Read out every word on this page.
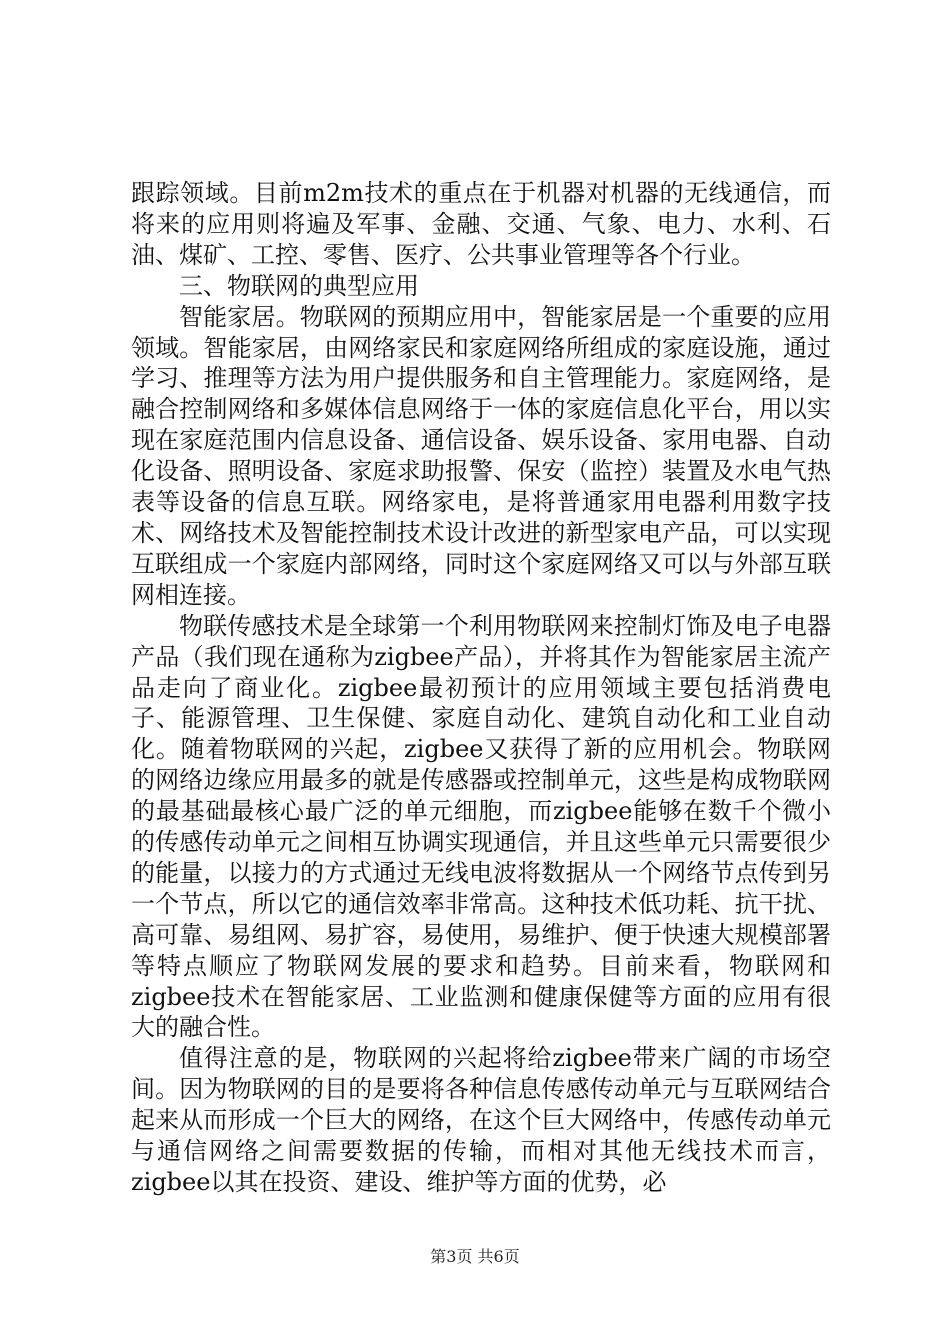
跟踪领域。目前m2m技术的重点在于机器对机器的无线通信，而将来的应用则将遍及军事、金融、交通、气象、电力、水利、石油、煤矿、工控、零售、医疗、公共事业管理等各个行业。

三、物联网的典型应用

智能家居。物联网的预期应用中，智能家居是一个重要的应用领域。智能家居，由网络家民和家庭网络所组成的家庭设施，通过学习、推理等方法为用户提供服务和自主管理能力。家庭网络，是融合控制网络和多媒体信息网络于一体的家庭信息化平台，用以实现在家庭范围内信息设备、通信设备、娱乐设备、家用电器、自动化设备、照明设备、家庭求助报警、保安（监控）装置及水电气热表等设备的信息互联。网络家电，是将普通家用电器利用数字技术、网络技术及智能控制技术设计改进的新型家电产品，可以实现互联组成一个家庭内部网络，同时这个家庭网络又可以与外部互联网相连接。

物联传感技术是全球第一个利用物联网来控制灯饰及电子电器产品（我们现在通称为zigbee产品），并将其作为智能家居主流产品走向了商业化。zigbee最初预计的应用领域主要包括消费电子、能源管理、卫生保健、家庭自动化、建筑自动化和工业自动化。随着物联网的兴起，zigbee又获得了新的应用机会。物联网的网络边缘应用最多的就是传感器或控制单元，这些是构成物联网的最基础最核心最广泛的单元细胞，而zigbee能够在数千个微小的传感传动单元之间相互协调实现通信，并且这些单元只需要很少的能量，以接力的方式通过无线电波将数据从一个网络节点传到另一个节点，所以它的通信效率非常高。这种技术低功耗、抗干扰、高可靠、易组网、易扩容，易使用，易维护、便于快速大规模部署等特点顺应了物联网发展的要求和趋势。目前来看，物联网和zigbee技术在智能家居、工业监测和健康保健等方面的应用有很大的融合性。

值得注意的是，物联网的兴起将给zigbee带来广阔的市场空间。因为物联网的目的是要将各种信息传感传动单元与互联网结合起来从而形成一个巨大的网络，在这个巨大网络中，传感传动单元与通信网络之间需要数据的传输，而相对其他无线技术而言，zigbee以其在投资、建设、维护等方面的优势，必

第3页 共6页
